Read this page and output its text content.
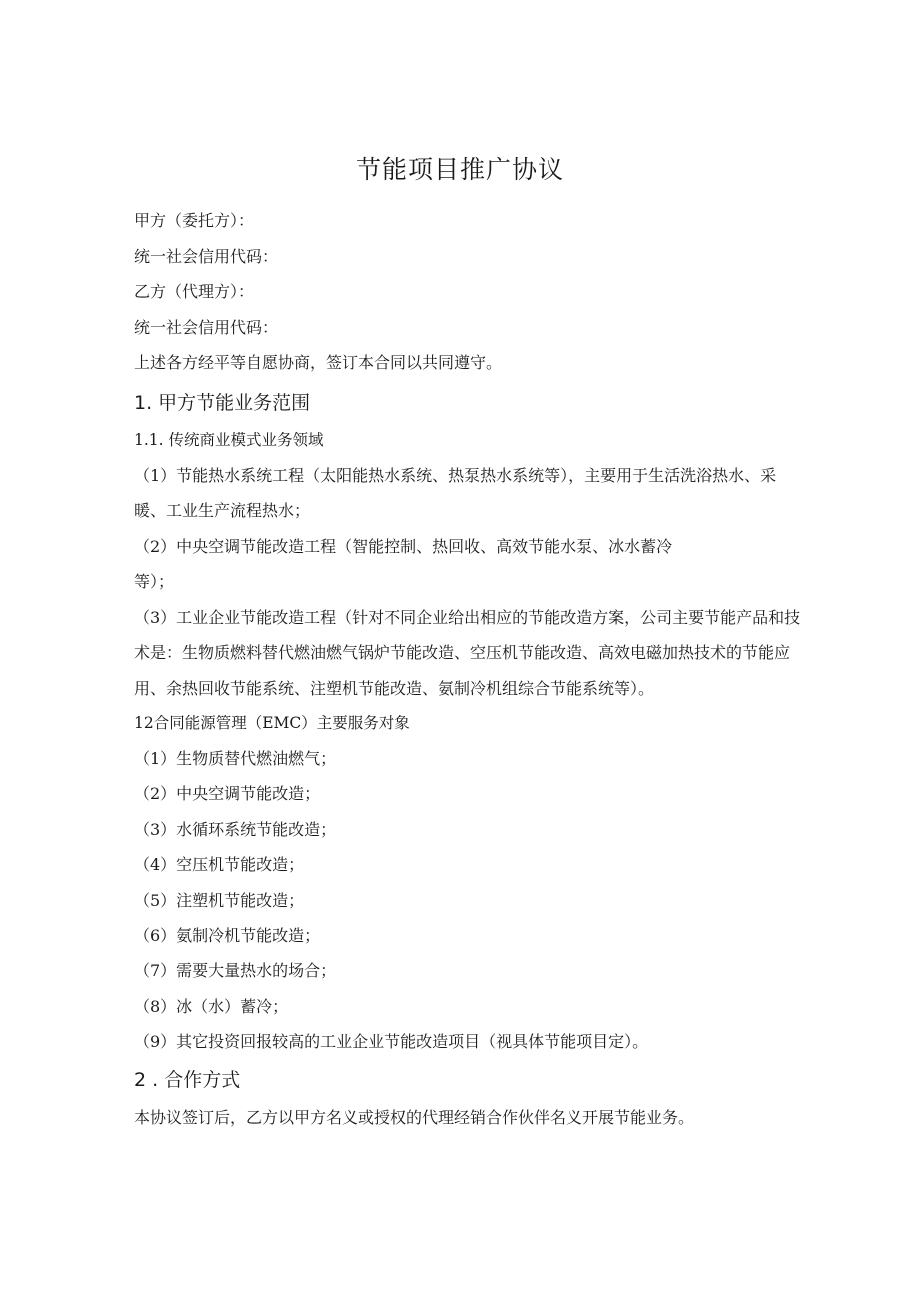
节能项目推广协议
甲方（委托方）：
统一社会信用代码：
乙方（代理方）：
统一社会信用代码：
上述各方经平等自愿协商，签订本合同以共同遵守。
1. 甲方节能业务范围
1.1. 传统商业模式业务领域
（1）节能热水系统工程（太阳能热水系统、热泵热水系统等），主要用于生活洗浴热水、采暖、工业生产流程热水；
（2）中央空调节能改造工程（智能控制、热回收、高效节能水泵、冰水蓄冷
等）；
（3）工业企业节能改造工程（针对不同企业给出相应的节能改造方案，公司主要节能产品和技术是：生物质燃料替代燃油燃气锅炉节能改造、空压机节能改造、高效电磁加热技术的节能应用、余热回收节能系统、注塑机节能改造、氨制冷机组综合节能系统等）。
12合同能源管理（EMC）主要服务对象
（1）生物质替代燃油燃气；
（2）中央空调节能改造；
（3）水循环系统节能改造；
（4）空压机节能改造；
（5）注塑机节能改造；
（6）氨制冷机节能改造；
（7）需要大量热水的场合；
（8）冰（水）蓄冷；
（9）其它投资回报较高的工业企业节能改造项目（视具体节能项目定）。
2 . 合作方式
本协议签订后，乙方以甲方名义或授权的代理经销合作伙伴名义开展节能业务。
